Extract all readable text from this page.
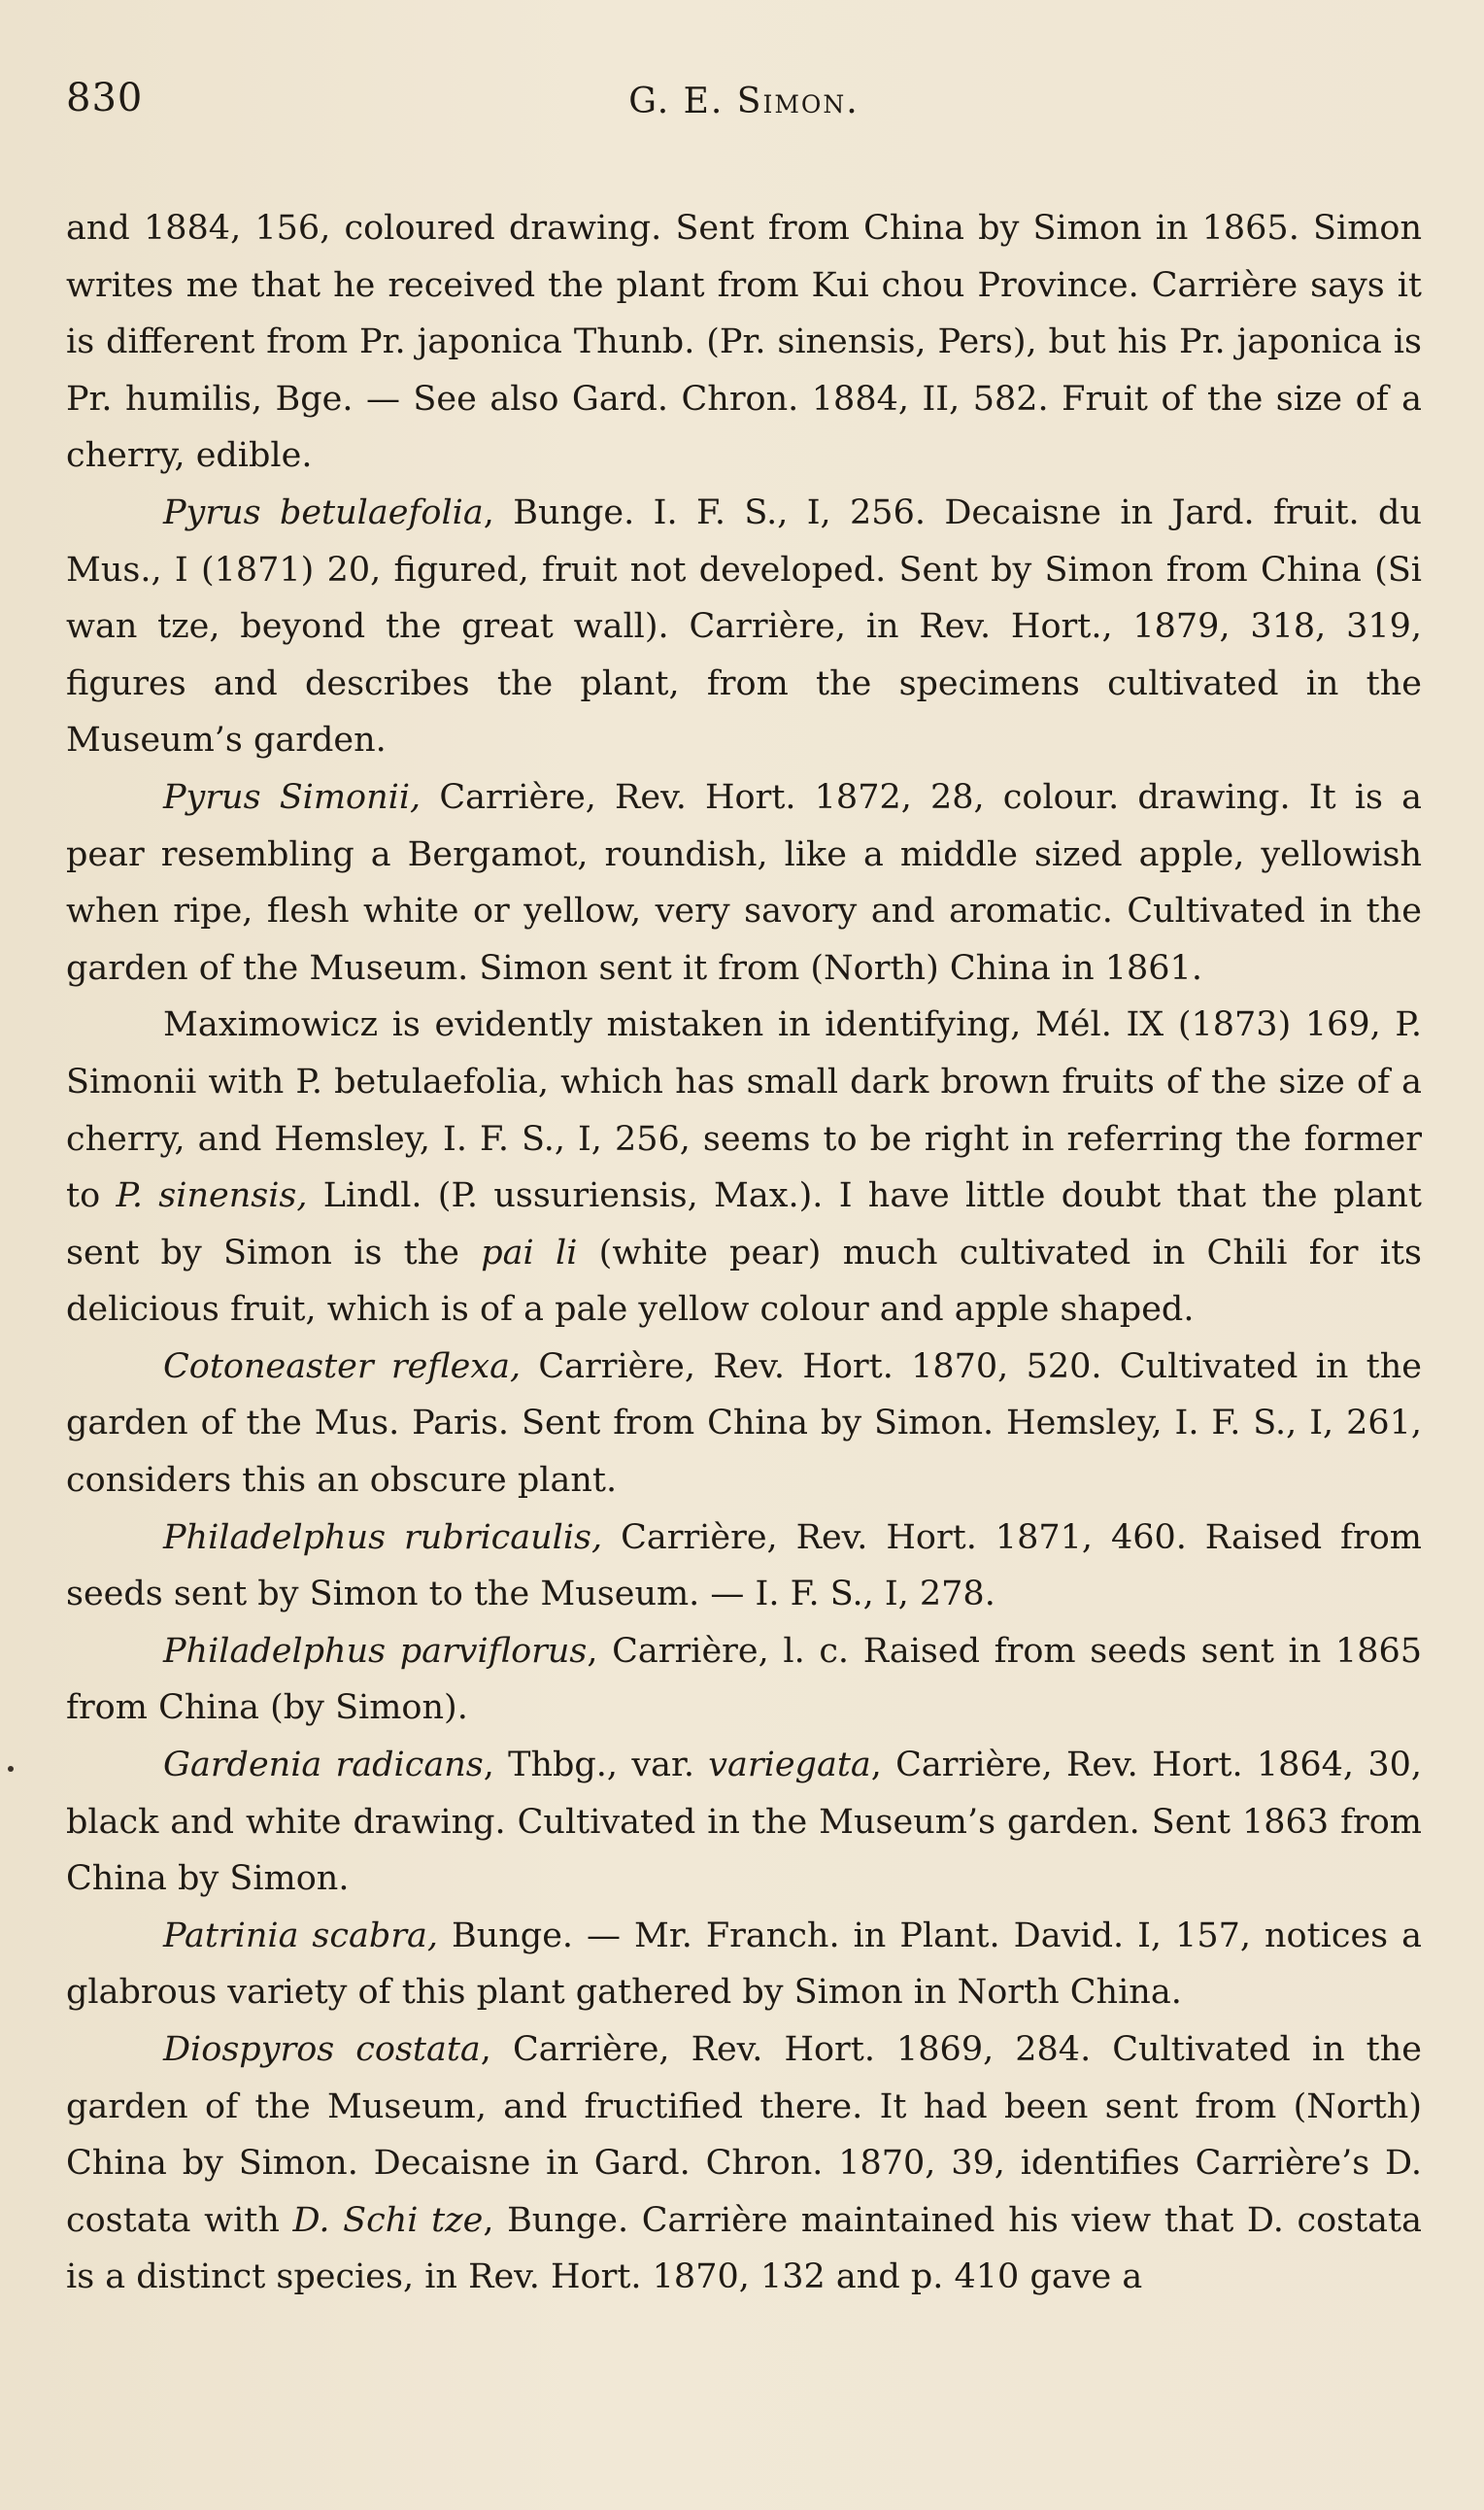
830	G. E. Simon.

and 1884, 156, coloured drawing. Sent from China by Simon in 1865. Simon writes me that he received the plant from Kui chou Province. Carrière says it is different from Pr. japonica Thunb. (Pr. sinensis, Pers), but his Pr. japonica is Pr. humilis, Bge. — See also Gard. Chron. 1884, II, 582. Fruit of the size of a cherry, edible.

Pyrus betulaefolia, Bunge. I. F. S., I, 256. Decaisne in Jard. fruit. du Mus., I (1871) 20, figured, fruit not developed. Sent by Simon from China (Si wan tze, beyond the great wall). Carrière, in Rev. Hort., 1879, 318, 319, figures and describes the plant, from the specimens cultivated in the Museum’s garden.

Pyrus Simonii, Carrière, Rev. Hort. 1872, 28, colour. drawing. It is a pear resembling a Bergamot, roundish, like a middle sized apple, yellowish when ripe, flesh white or yellow, very savory and aromatic. Cultivated in the garden of the Museum. Simon sent it from (North) China in 1861.

Maximowicz is evidently mistaken in identifying, Mél. IX (1873) 169, P. Simonii with P. betulaefolia, which has small dark brown fruits of the size of a cherry, and Hemsley, I. F. S., I, 256, seems to be right in referring the former to P. sinensis, Lindl. (P. ussuriensis, Max.). I have little doubt that the plant sent by Simon is the pai li (white pear) much cultivated in Chili for its delicious fruit, which is of a pale yellow colour and apple shaped.

Cotoneaster reflexa, Carrière, Rev. Hort. 1870, 520. Cultivated in the garden of the Mus. Paris. Sent from China by Simon. Hemsley, I. F. S., I, 261, considers this an obscure plant.

Philadelphus rubricaulis, Carrière, Rev. Hort. 1871, 460. Raised from seeds sent by Simon to the Museum. — I. F. S., I, 278.

Philadelphus parviflorus, Carrière, l. c. Raised from seeds sent in 1865 from China (by Simon).

Gardenia radicans, Thbg., var. variegata, Carrière, Rev. Hort. 1864, 30, black and white drawing. Cultivated in the Museum’s garden. Sent 1863 from China by Simon.

Patrinia scabra, Bunge. — Mr. Franch. in Plant. David. I, 157, notices a glabrous variety of this plant gathered by Simon in North China.

Diospyros costata, Carrière, Rev. Hort. 1869, 284. Cultivated in the garden of the Museum, and fructified there. It had been sent from (North) China by Simon. Decaisne in Gard. Chron. 1870, 39, identifies Carrière’s D. costata with D. Schi tze, Bunge. Carrière maintained his view that D. costata is a distinct species, in Rev. Hort. 1870, 132 and p. 410 gave a
